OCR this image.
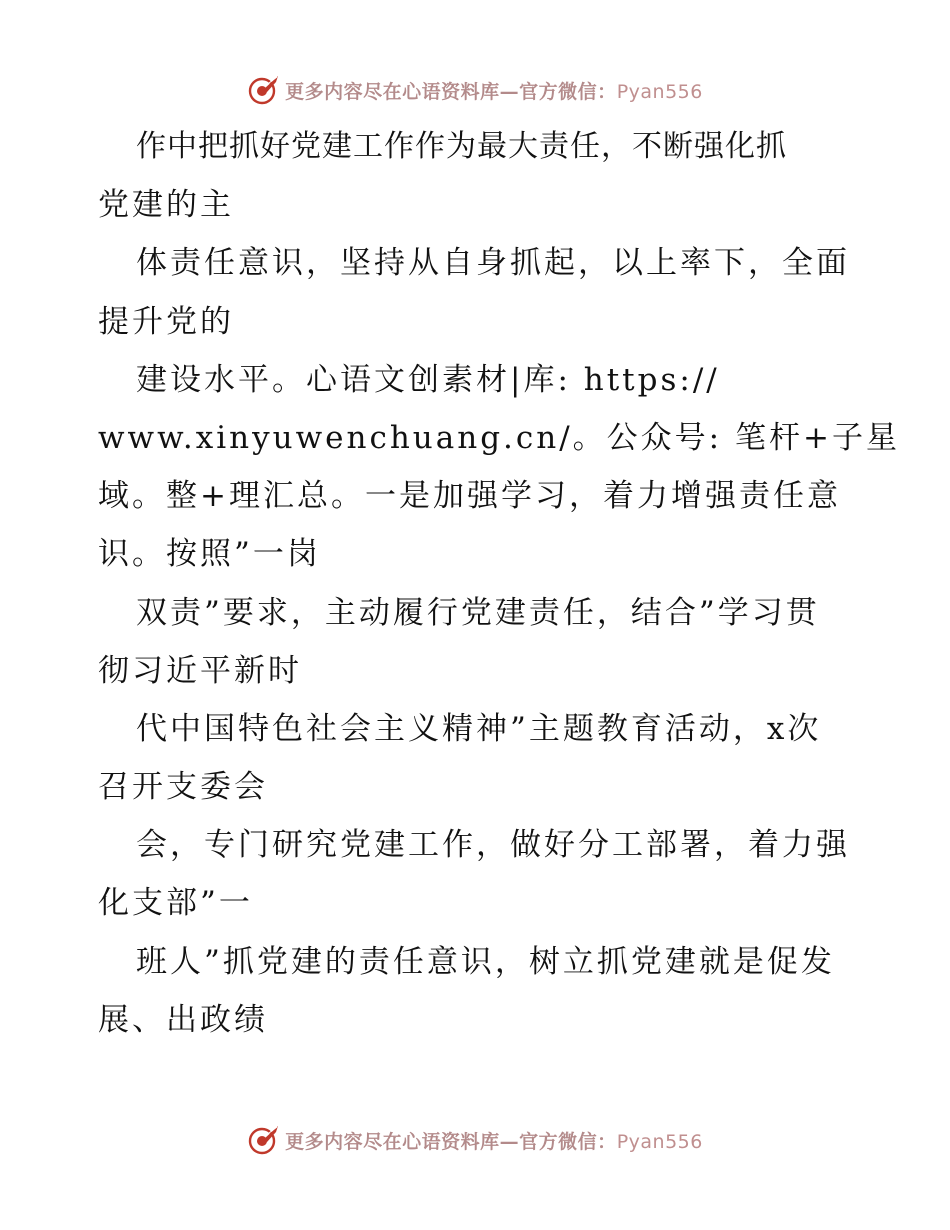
更多内容尽在心语资料库—官方微信：Pyan556
作中把抓好党建工作作为最大责任，不断强化抓
党建的主
体责任意识，坚持从自身抓起，以上率下，全面
提升党的
建设水平。心语文创素材|库: https://
www.xinyuwenchuang.cn/。公众号: 笔杆+子星
域。整+理汇总。一是加强学习，着力增强责任意
识。按照”一岗
双责”要求，主动履行党建责任，结合”学习贯
彻习近平新时
代中国特色社会主义精神”主题教育活动，x次
召开支委会
会，专门研究党建工作，做好分工部署，着力强
化支部”一
班人”抓党建的责任意识，树立抓党建就是促发
展、出政绩
更多内容尽在心语资料库—官方微信：Pyan556
